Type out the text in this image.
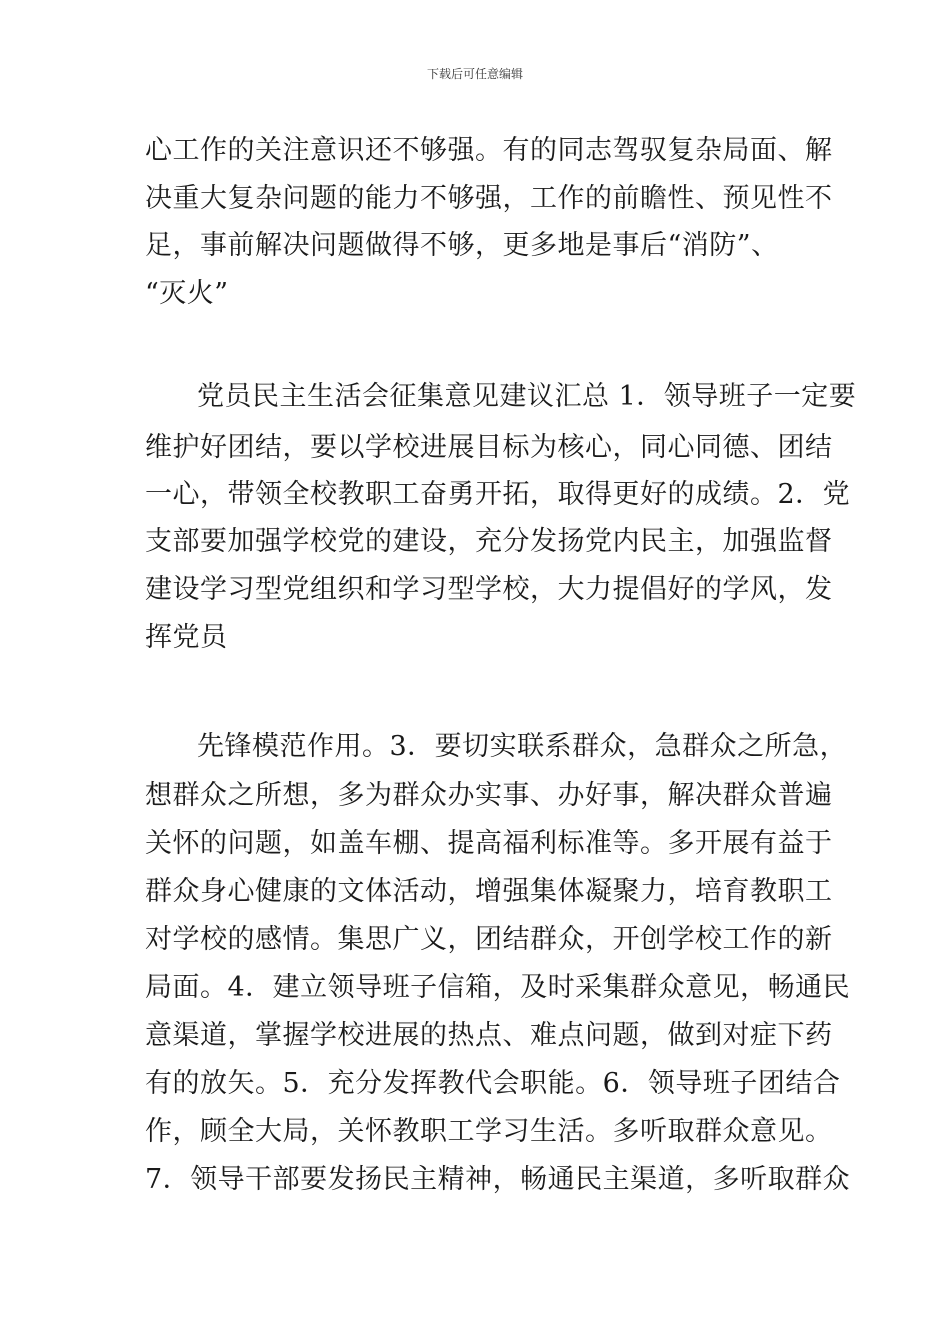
下载后可任意编辑
心工作的关注意识还不够强。有的同志驾驭复杂局面、解
决重大复杂问题的能力不够强，工作的前瞻性、预见性不
足，事前解决问题做得不够，更多地是事后“消防”、
“灭火”
党员民主生活会征集意见建议汇总 1．领导班子一定要
维护好团结，要以学校进展目标为核心，同心同德、团结
一心，带领全校教职工奋勇开拓，取得更好的成绩。2．党
支部要加强学校党的建设，充分发扬党内民主，加强监督
建设学习型党组织和学习型学校，大力提倡好的学风，发
挥党员
先锋模范作用。3．要切实联系群众，急群众之所急，
想群众之所想，多为群众办实事、办好事，解决群众普遍
关怀的问题，如盖车棚、提高福利标准等。多开展有益于
群众身心健康的文体活动，增强集体凝聚力，培育教职工
对学校的感情。集思广义，团结群众，开创学校工作的新
局面。4．建立领导班子信箱，及时采集群众意见，畅通民
意渠道，掌握学校进展的热点、难点问题，做到对症下药
有的放矢。5．充分发挥教代会职能。6．领导班子团结合
作，顾全大局，关怀教职工学习生活。多听取群众意见。
7．领导干部要发扬民主精神，畅通民主渠道，多听取群众
